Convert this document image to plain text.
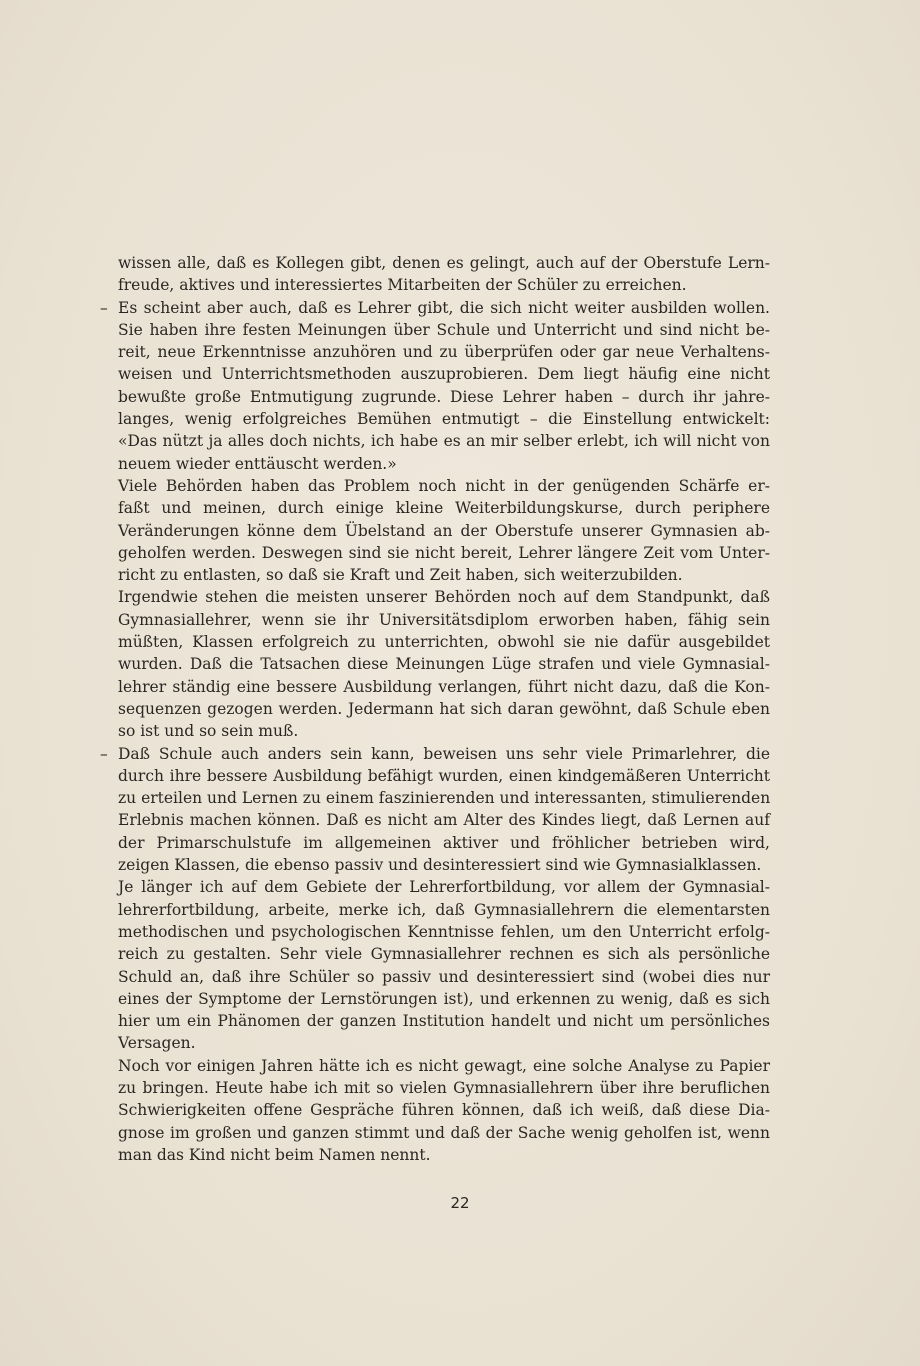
wissen alle, daß es Kollegen gibt, denen es gelingt, auch auf der Oberstufe Lern-
freude, aktives und interessiertes Mitarbeiten der Schüler zu erreichen.
– Es scheint aber auch, daß es Lehrer gibt, die sich nicht weiter ausbilden wollen.
Sie haben ihre festen Meinungen über Schule und Unterricht und sind nicht be-
reit, neue Erkenntnisse anzuhören und zu überprüfen oder gar neue Verhaltens-
weisen und Unterrichtsmethoden auszuprobieren. Dem liegt häufig eine nicht
bewußte große Entmutigung zugrunde. Diese Lehrer haben – durch ihr jahre-
langes, wenig erfolgreiches Bemühen entmutigt – die Einstellung entwickelt:
«Das nützt ja alles doch nichts, ich habe es an mir selber erlebt, ich will nicht von
neuem wieder enttäuscht werden.»
Viele Behörden haben das Problem noch nicht in der genügenden Schärfe er-
faßt und meinen, durch einige kleine Weiterbildungskurse, durch periphere
Veränderungen könne dem Übelstand an der Oberstufe unserer Gymnasien ab-
geholfen werden. Deswegen sind sie nicht bereit, Lehrer längere Zeit vom Unter-
richt zu entlasten, so daß sie Kraft und Zeit haben, sich weiterzubilden.
Irgendwie stehen die meisten unserer Behörden noch auf dem Standpunkt, daß
Gymnasiallehrer, wenn sie ihr Universitätsdiplom erworben haben, fähig sein
müßten, Klassen erfolgreich zu unterrichten, obwohl sie nie dafür ausgebildet
wurden. Daß die Tatsachen diese Meinungen Lüge strafen und viele Gymnasial-
lehrer ständig eine bessere Ausbildung verlangen, führt nicht dazu, daß die Kon-
sequenzen gezogen werden. Jedermann hat sich daran gewöhnt, daß Schule eben
so ist und so sein muß.
– Daß Schule auch anders sein kann, beweisen uns sehr viele Primarlehrer, die
durch ihre bessere Ausbildung befähigt wurden, einen kindgemäßeren Unterricht
zu erteilen und Lernen zu einem faszinierenden und interessanten, stimulierenden
Erlebnis machen können. Daß es nicht am Alter des Kindes liegt, daß Lernen auf
der Primarschulstufe im allgemeinen aktiver und fröhlicher betrieben wird,
zeigen Klassen, die ebenso passiv und desinteressiert sind wie Gymnasialklassen.
Je länger ich auf dem Gebiete der Lehrerfortbildung, vor allem der Gymnasial-
lehrerfortbildung, arbeite, merke ich, daß Gymnasiallehrern die elementarsten
methodischen und psychologischen Kenntnisse fehlen, um den Unterricht erfolg-
reich zu gestalten. Sehr viele Gymnasiallehrer rechnen es sich als persönliche
Schuld an, daß ihre Schüler so passiv und desinteressiert sind (wobei dies nur
eines der Symptome der Lernstörungen ist), und erkennen zu wenig, daß es sich
hier um ein Phänomen der ganzen Institution handelt und nicht um persönliches
Versagen.
Noch vor einigen Jahren hätte ich es nicht gewagt, eine solche Analyse zu Papier
zu bringen. Heute habe ich mit so vielen Gymnasiallehrern über ihre beruflichen
Schwierigkeiten offene Gespräche führen können, daß ich weiß, daß diese Dia-
gnose im großen und ganzen stimmt und daß der Sache wenig geholfen ist, wenn
man das Kind nicht beim Namen nennt.
22
